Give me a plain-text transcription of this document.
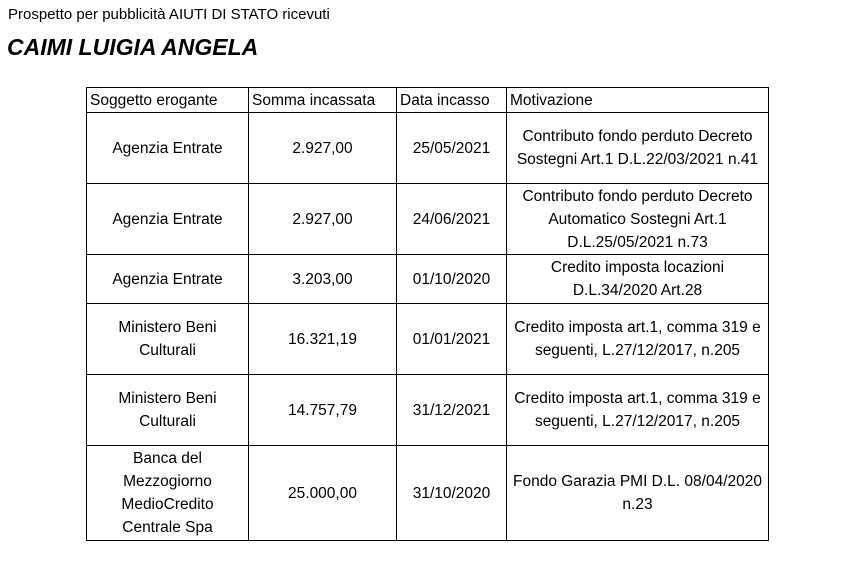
Prospetto per pubblicità AIUTI DI STATO ricevuti
CAIMI LUIGIA ANGELA
Soggetto erogante	Somma incassata	Data incasso	Motivazione
Agenzia Entrate	2.927,00	25/05/2021	Contributo fondo perduto Decreto Sostegni Art.1 D.L.22/03/2021 n.41
Agenzia Entrate	2.927,00	24/06/2021	Contributo fondo perduto Decreto Automatico Sostegni Art.1 D.L.25/05/2021 n.73
Agenzia Entrate	3.203,00	01/10/2020	Credito imposta locazioni D.L.34/2020 Art.28
Ministero Beni Culturali	16.321,19	01/01/2021	Credito imposta art.1, comma 319 e seguenti, L.27/12/2017, n.205
Ministero Beni Culturali	14.757,79	31/12/2021	Credito imposta art.1, comma 319 e seguenti, L.27/12/2017, n.205
Banca del Mezzogiorno MedioCredito Centrale Spa	25.000,00	31/10/2020	Fondo Garazia PMI D.L. 08/04/2020 n.23
